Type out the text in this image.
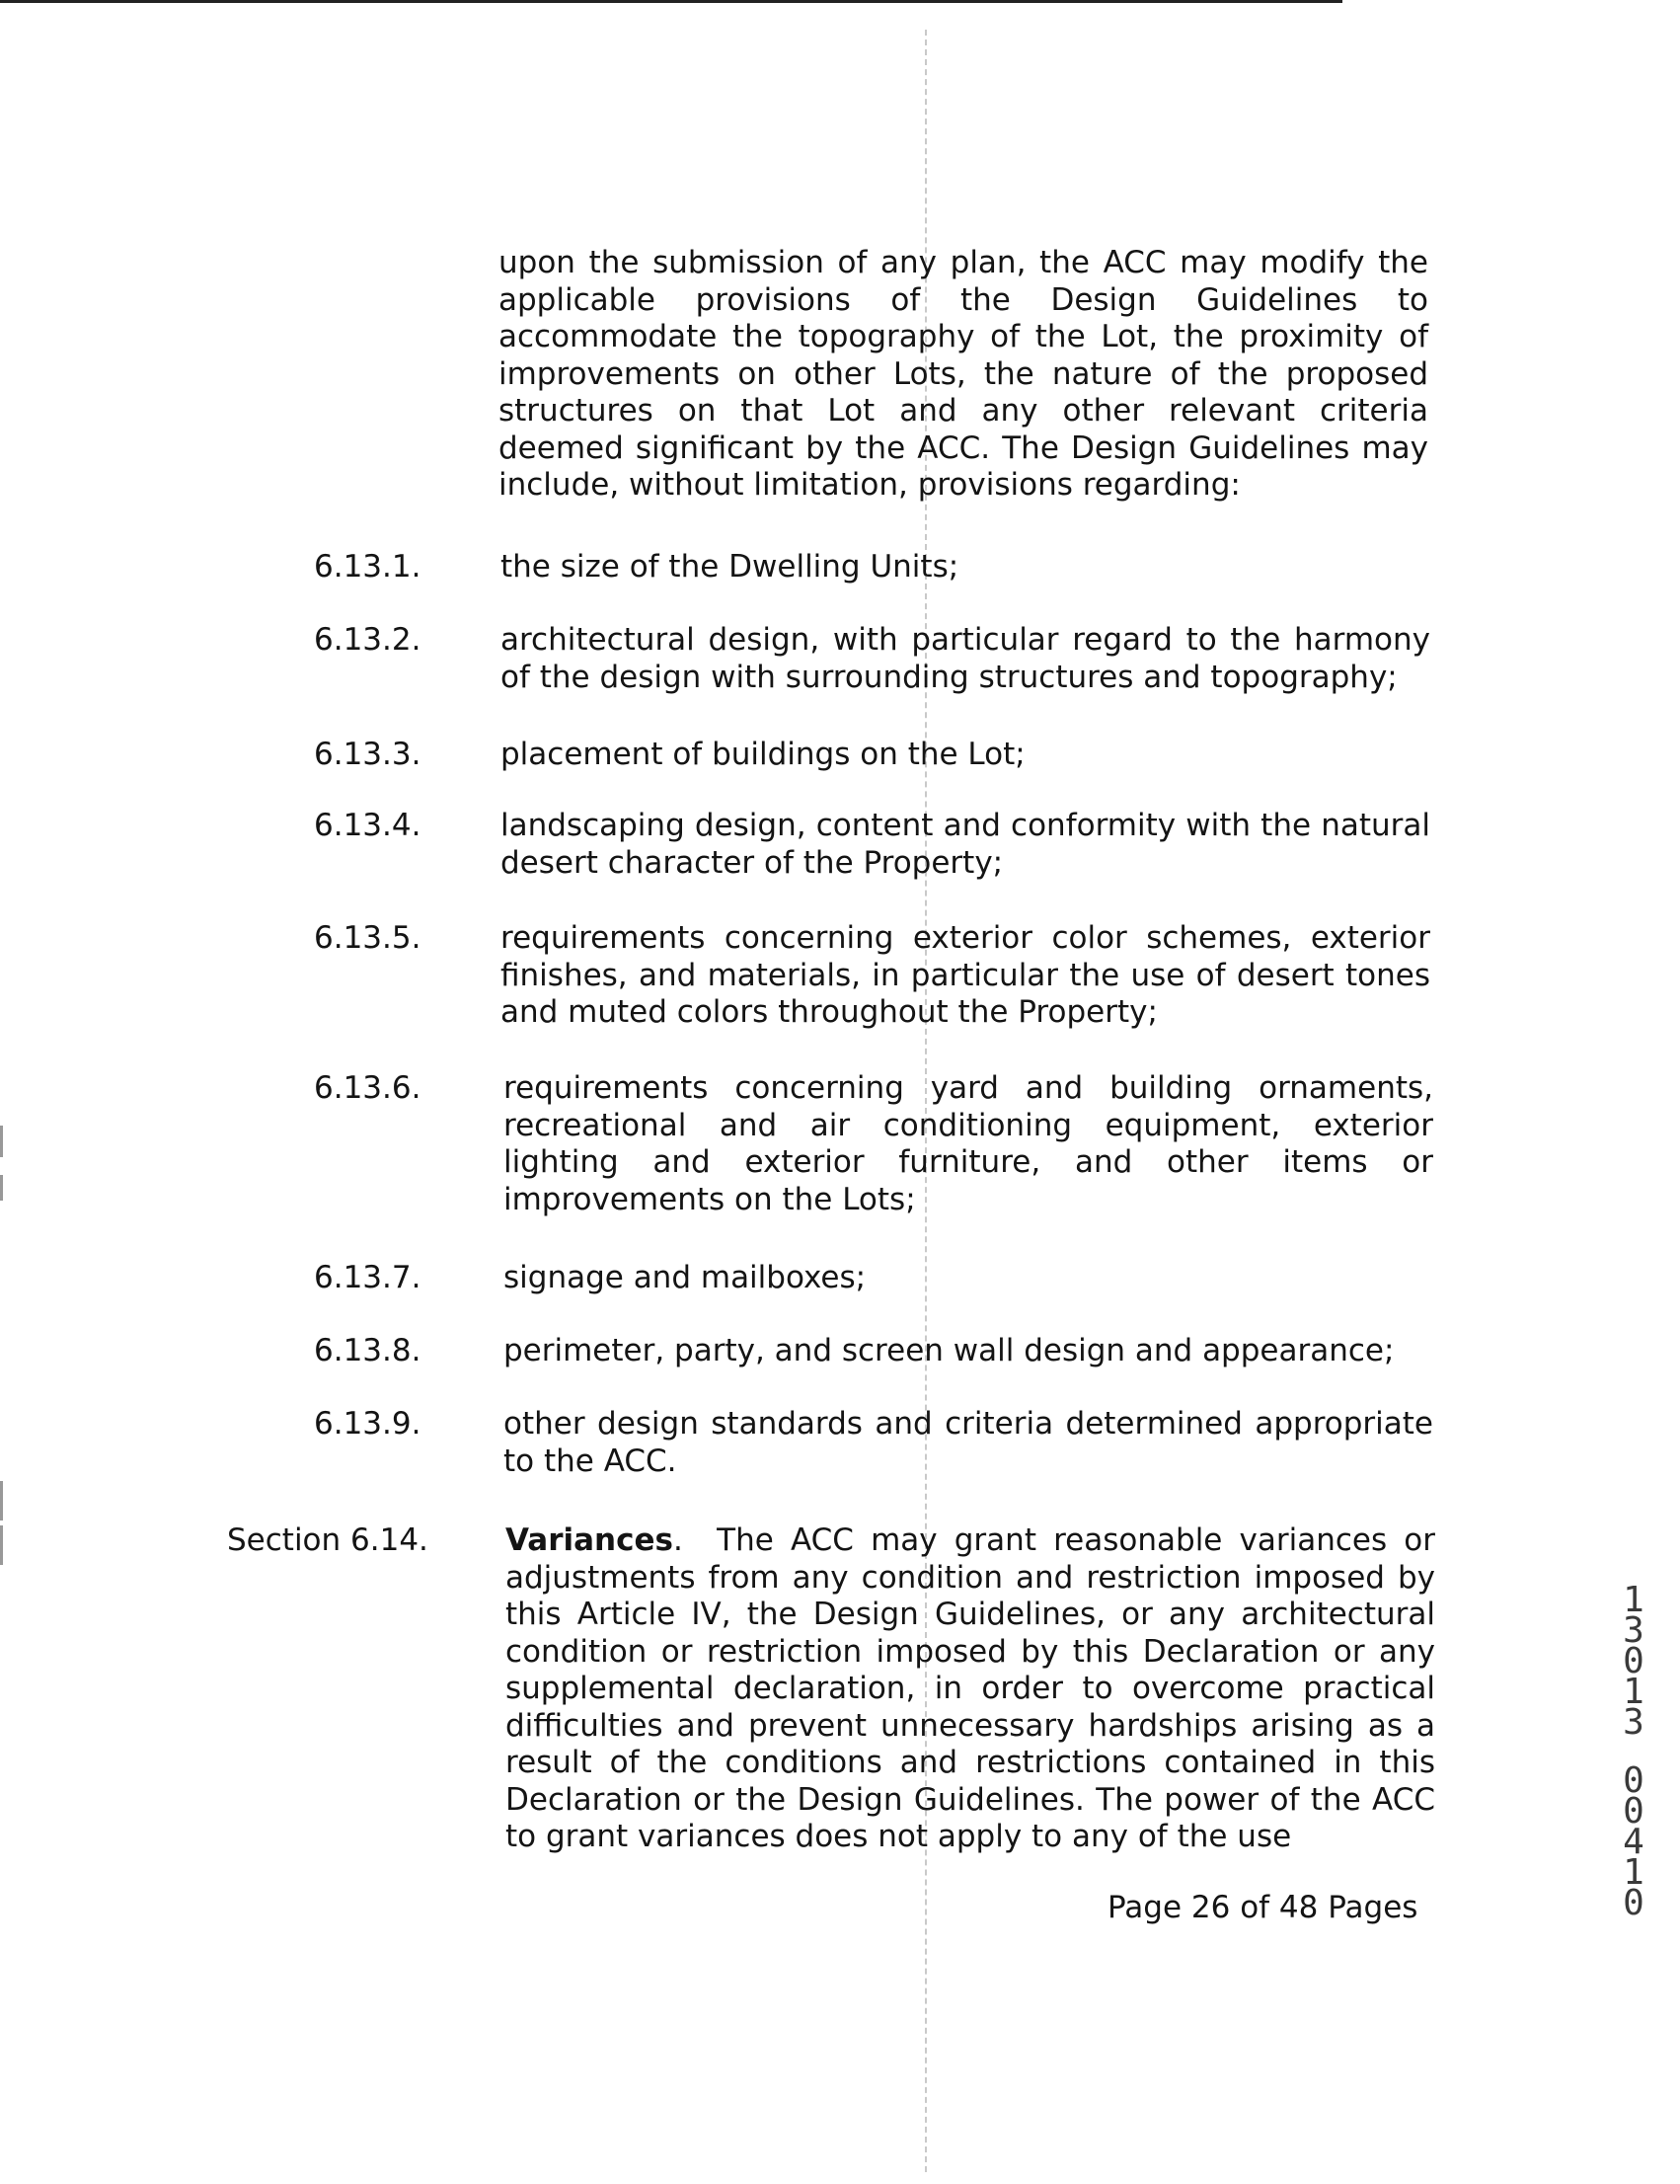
upon the submission of any plan, the ACC may modify the applicable provisions of the Design Guidelines to accommodate the topography of the Lot, the proximity of improvements on other Lots, the nature of the proposed structures on that Lot and any other relevant criteria deemed significant by the ACC. The Design Guidelines may include, without limitation, provisions regarding:

6.13.1.	the size of the Dwelling Units;

6.13.2.	architectural design, with particular regard to the harmony of the design with surrounding structures and topography;

6.13.3.	placement of buildings on the Lot;

6.13.4.	landscaping design, content and conformity with the natural desert character of the Property;

6.13.5.	requirements concerning exterior color schemes, exterior finishes, and materials, in particular the use of desert tones and muted colors throughout the Property;

6.13.6.	requirements concerning yard and building ornaments, recreational and air conditioning equipment, exterior lighting and exterior furniture, and other items or improvements on the Lots;

6.13.7.	signage and mailboxes;

6.13.8.	perimeter, party, and screen wall design and appearance;

6.13.9.	other design standards and criteria determined appropriate to the ACC.

Section 6.14.	Variances. The ACC may grant reasonable variances or adjustments from any condition and restriction imposed by this Article IV, the Design Guidelines, or any architectural condition or restriction imposed by this Declaration or any supplemental declaration, in order to overcome practical difficulties and prevent unnecessary hardships arising as a result of the conditions and restrictions contained in this Declaration or the Design Guidelines. The power of the ACC to grant variances does not apply to any of the use

Page 26 of 48 Pages
1
3
0
1
3
0
0
4
1
0
